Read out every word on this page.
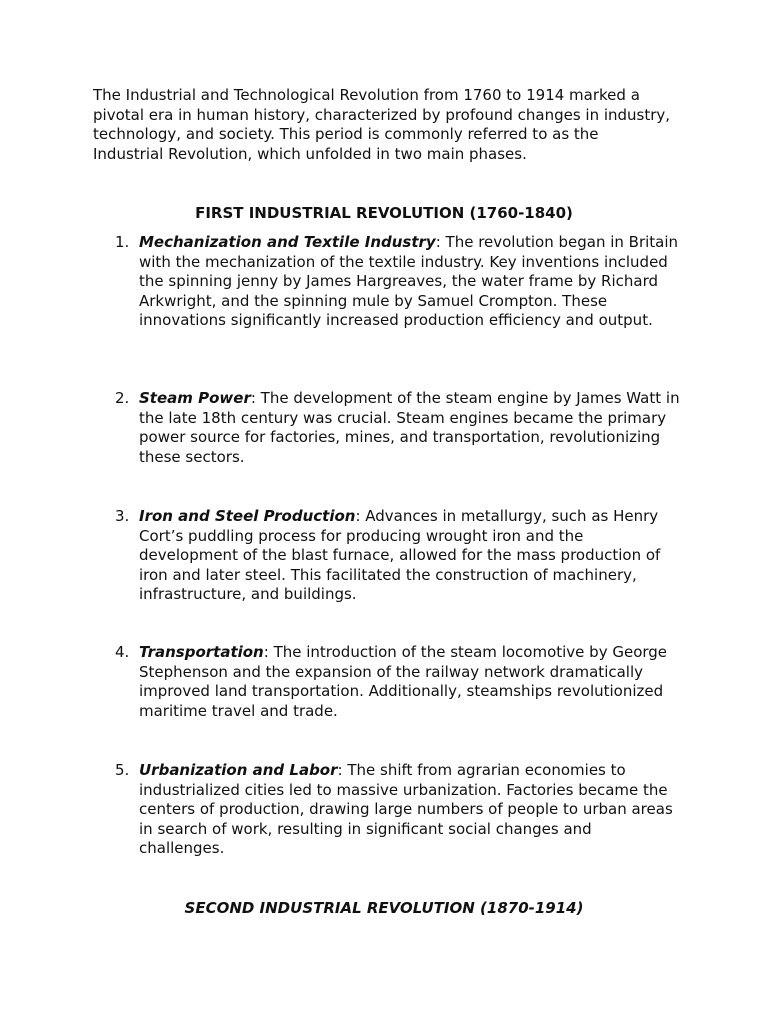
The Industrial and Technological Revolution from 1760 to 1914 marked a pivotal era in human history, characterized by profound changes in industry, technology, and society. This period is commonly referred to as the Industrial Revolution, which unfolded in two main phases.

FIRST INDUSTRIAL REVOLUTION (1760-1840)
1. Mechanization and Textile Industry: The revolution began in Britain with the mechanization of the textile industry. Key inventions included the spinning jenny by James Hargreaves, the water frame by Richard Arkwright, and the spinning mule by Samuel Crompton. These innovations significantly increased production efficiency and output.
2. Steam Power: The development of the steam engine by James Watt in the late 18th century was crucial. Steam engines became the primary power source for factories, mines, and transportation, revolutionizing these sectors.
3. Iron and Steel Production: Advances in metallurgy, such as Henry Cort’s puddling process for producing wrought iron and the development of the blast furnace, allowed for the mass production of iron and later steel. This facilitated the construction of machinery, infrastructure, and buildings.
4. Transportation: The introduction of the steam locomotive by George Stephenson and the expansion of the railway network dramatically improved land transportation. Additionally, steamships revolutionized maritime travel and trade.
5. Urbanization and Labor: The shift from agrarian economies to industrialized cities led to massive urbanization. Factories became the centers of production, drawing large numbers of people to urban areas in search of work, resulting in significant social changes and challenges.
SECOND INDUSTRIAL REVOLUTION (1870-1914)
